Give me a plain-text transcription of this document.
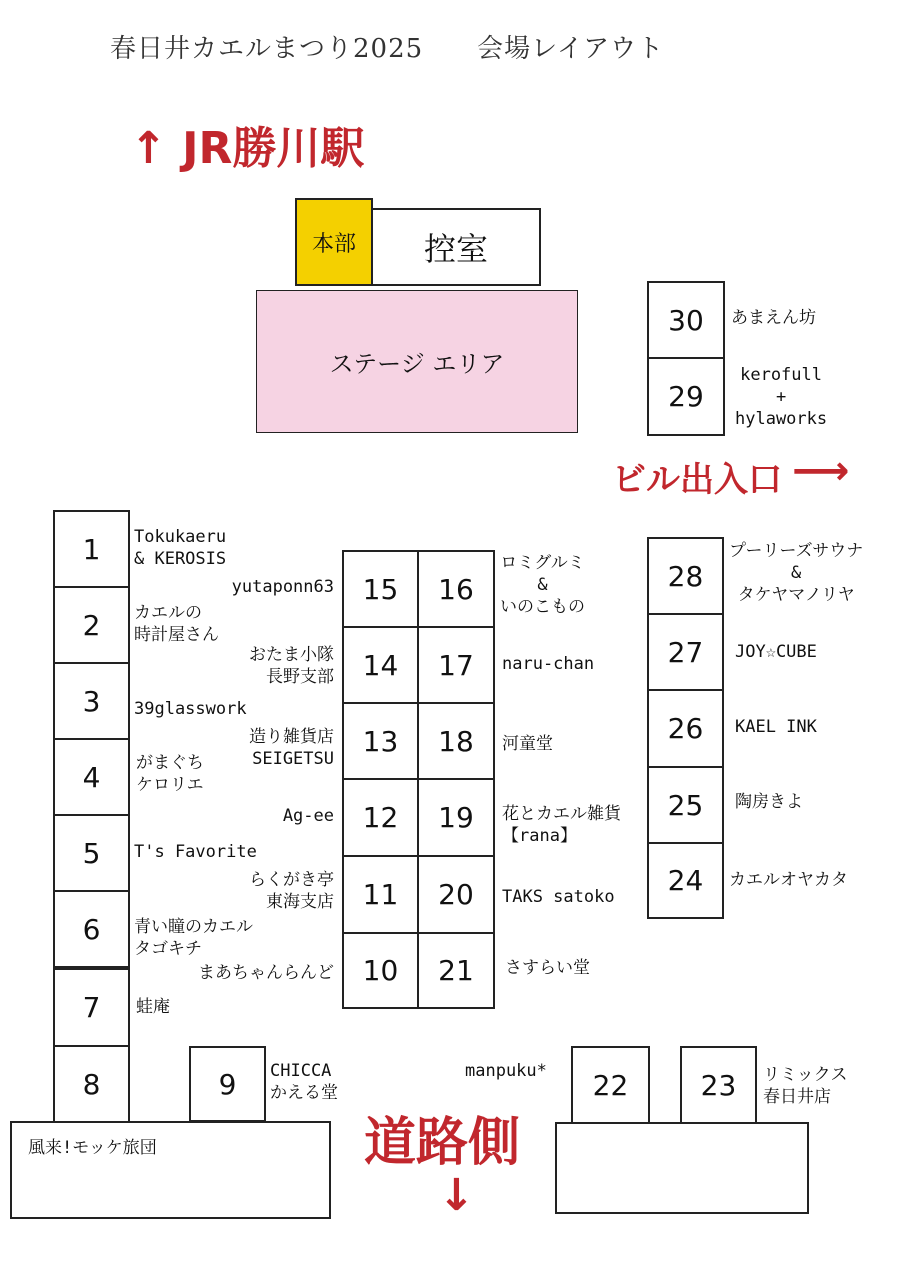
春日井カエルまつり2025　　会場レイアウト
↑ JR勝川駅
ビル出入口 ⟶
道路側
↓
本部 控室
ステージ エリア
1
2
3
4
5
6
7
8
Tokukaeru
& KEROSIS
カエルの
時計屋さん
39glasswork
がまぐち
ケロリエ
T's Favorite
青い瞳のカエル
タゴキチ
蛙庵
風来!モッケ旅団
9 CHICCA
かえる堂
15
14
13
12
11
10
16
17
18
19
20
21
yutaponn63
おたま小隊
長野支部
造り雑貨店
SEIGETSU
Ag-ee
らくがき亭
東海支店
まあちゃんらんど
ロミグルミ
&
いのこもの
naru-chan
河童堂
花とカエル雑貨
【rana】
TAKS satoko
さすらい堂
manpuku* 22	23 リミックス
春日井店
30
29
あまえん坊
kerofull
+
hylaworks
28
27
26
25
24
プーリーズサウナ
&
タケヤマノリヤ
JOY☆CUBE
KAEL INK
陶房きよ
カエルオヤカタ
